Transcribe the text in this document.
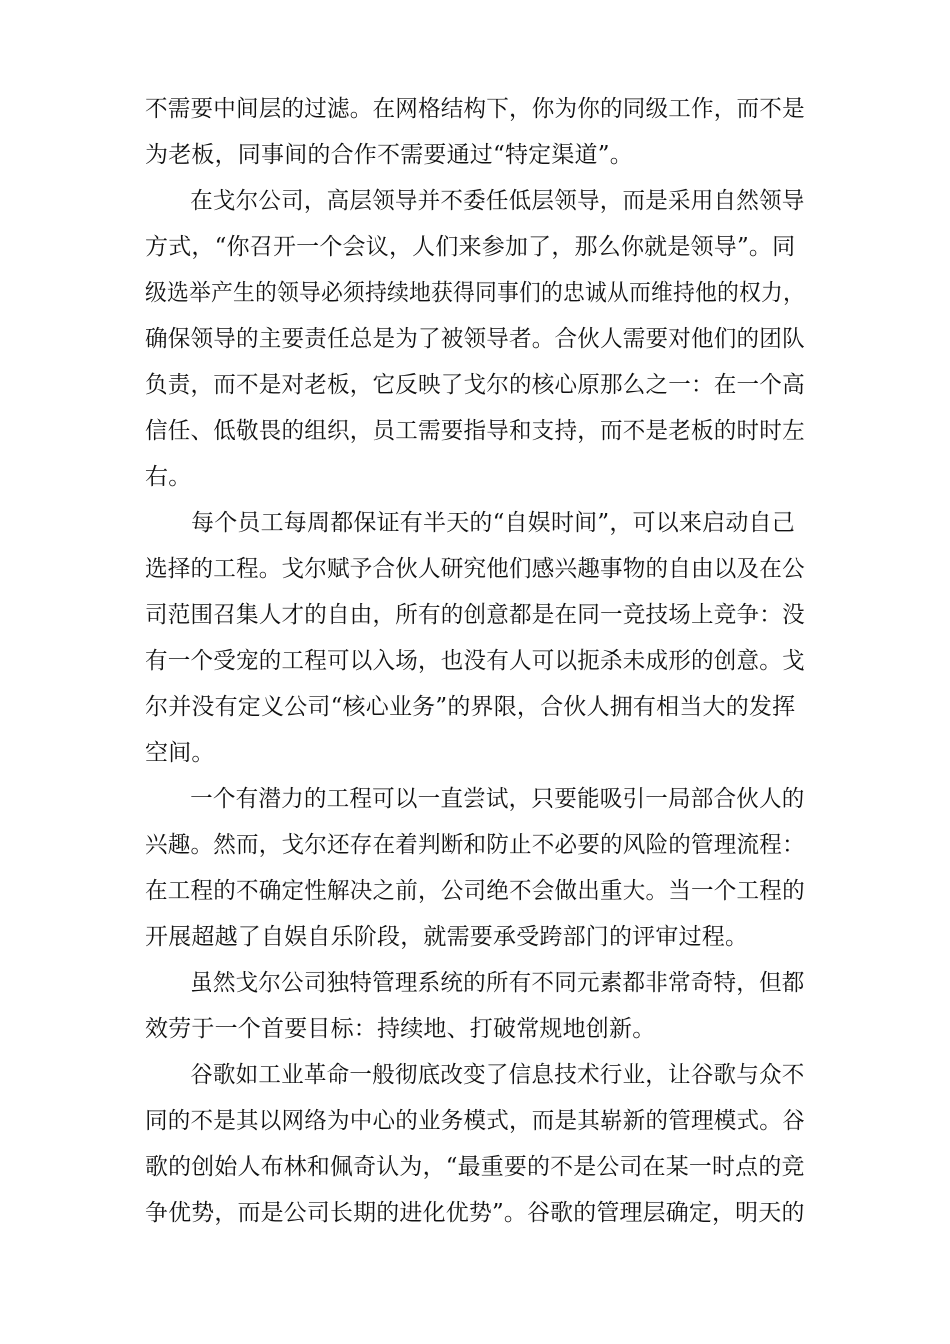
不需要中间层的过滤。在网格结构下，你为你的同级工作，而不是
为老板，同事间的合作不需要通过“特定渠道”。
在戈尔公司，高层领导并不委任低层领导，而是采用自然领导
方式，“你召开一个会议，人们来参加了，那么你就是领导”。同
级选举产生的领导必须持续地获得同事们的忠诚从而维持他的权力，
确保领导的主要责任总是为了被领导者。合伙人需要对他们的团队
负责，而不是对老板，它反映了戈尔的核心原那么之一：在一个高
信任、低敬畏的组织，员工需要指导和支持，而不是老板的时时左
右。
每个员工每周都保证有半天的“自娱时间”，可以来启动自己
选择的工程。戈尔赋予合伙人研究他们感兴趣事物的自由以及在公
司范围召集人才的自由，所有的创意都是在同一竞技场上竞争：没
有一个受宠的工程可以入场，也没有人可以扼杀未成形的创意。戈
尔并没有定义公司“核心业务”的界限，合伙人拥有相当大的发挥
空间。
一个有潜力的工程可以一直尝试，只要能吸引一局部合伙人的
兴趣。然而，戈尔还存在着判断和防止不必要的风险的管理流程：
在工程的不确定性解决之前，公司绝不会做出重大。当一个工程的
开展超越了自娱自乐阶段，就需要承受跨部门的评审过程。
虽然戈尔公司独特管理系统的所有不同元素都非常奇特，但都
效劳于一个首要目标：持续地、打破常规地创新。
谷歌如工业革命一般彻底改变了信息技术行业，让谷歌与众不
同的不是其以网络为中心的业务模式，而是其崭新的管理模式。谷
歌的创始人布林和佩奇认为，“最重要的不是公司在某一时点的竞
争优势，而是公司长期的进化优势”。谷歌的管理层确定，明天的
